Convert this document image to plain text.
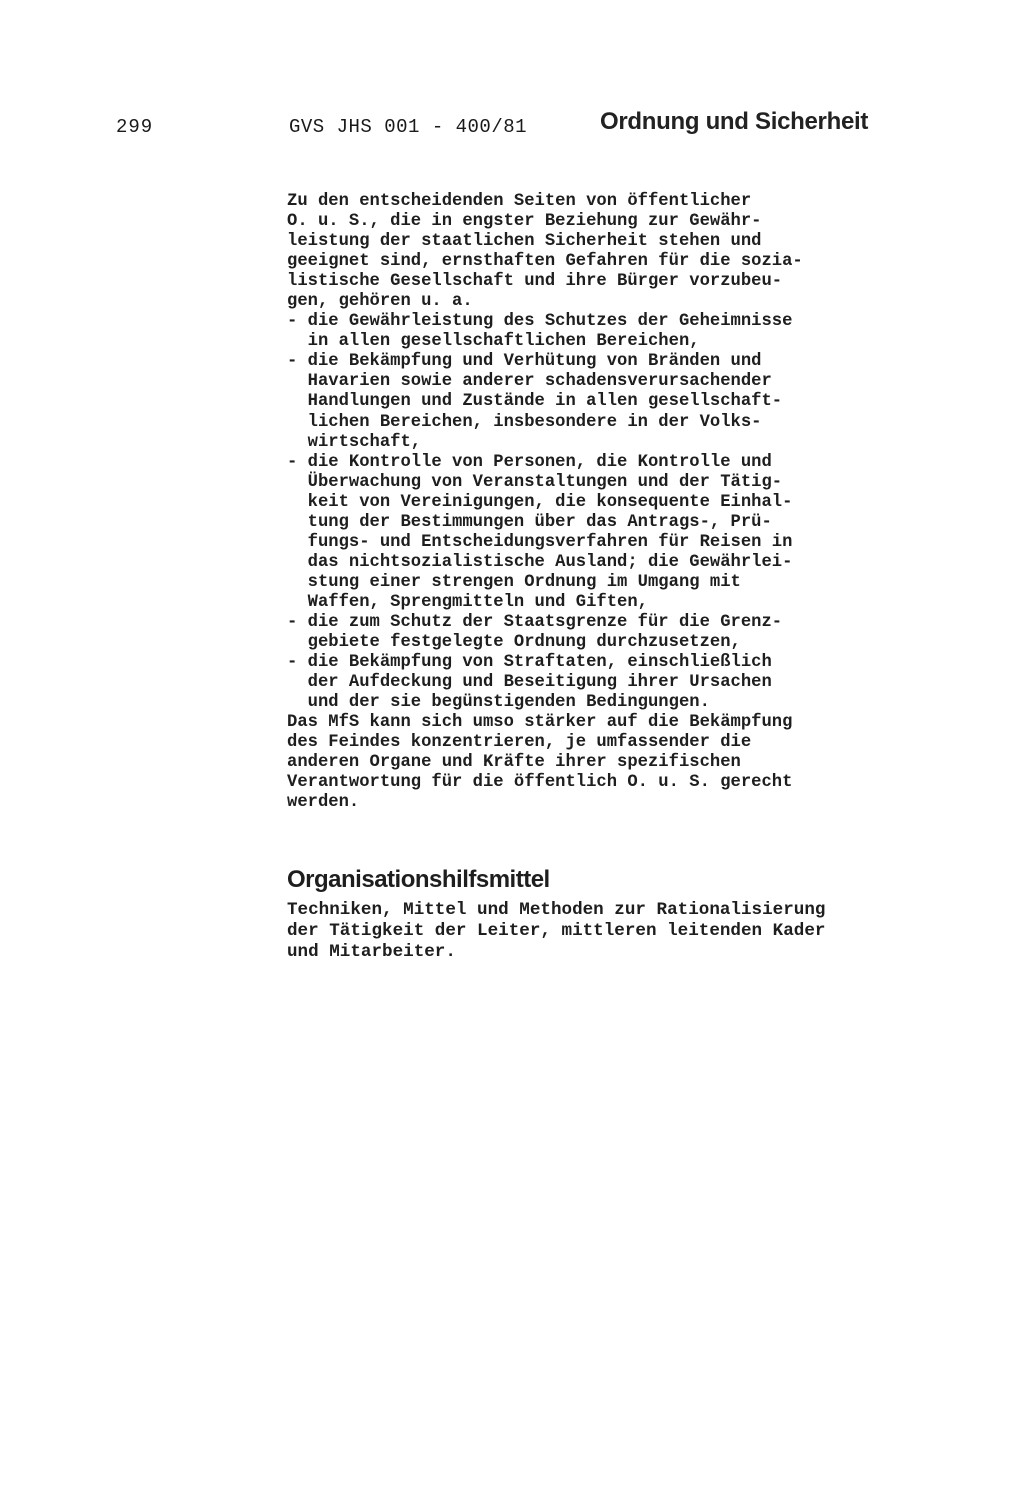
299	GVS JHS 001 - 400/81	Ordnung und Sicherheit
Zu den entscheidenden Seiten von öffentlicher
O. u. S., die in engster Beziehung zur Gewähr-
leistung der staatlichen Sicherheit stehen und
geeignet sind, ernsthaften Gefahren für die sozia-
listische Gesellschaft und ihre Bürger vorzubeu-
gen, gehören u. a.
- die Gewährleistung des Schutzes der Geheimnisse
in allen gesellschaftlichen Bereichen,
- die Bekämpfung und Verhütung von Bränden und
Havarien sowie anderer schadensverursachender
Handlungen und Zustände in allen gesellschaft-
lichen Bereichen, insbesondere in der Volks-
wirtschaft,
- die Kontrolle von Personen, die Kontrolle und
Überwachung von Veranstaltungen und der Tätig-
keit von Vereinigungen, die konsequente Einhal-
tung der Bestimmungen über das Antrags-, Prü-
fungs- und Entscheidungsverfahren für Reisen in
das nichtsozialistische Ausland; die Gewährlei-
stung einer strengen Ordnung im Umgang mit
Waffen, Sprengmitteln und Giften,
- die zum Schutz der Staatsgrenze für die Grenz-
gebiete festgelegte Ordnung durchzusetzen,
- die Bekämpfung von Straftaten, einschließlich
der Aufdeckung und Beseitigung ihrer Ursachen
und der sie begünstigenden Bedingungen.
Das MfS kann sich umso stärker auf die Bekämpfung
des Feindes konzentrieren, je umfassender die
anderen Organe und Kräfte ihrer spezifischen
Verantwortung für die öffentlich O. u. S. gerecht
werden.
Organisationshilfsmittel
Techniken, Mittel und Methoden zur Rationalisierung
der Tätigkeit der Leiter, mittleren leitenden Kader
und Mitarbeiter.
